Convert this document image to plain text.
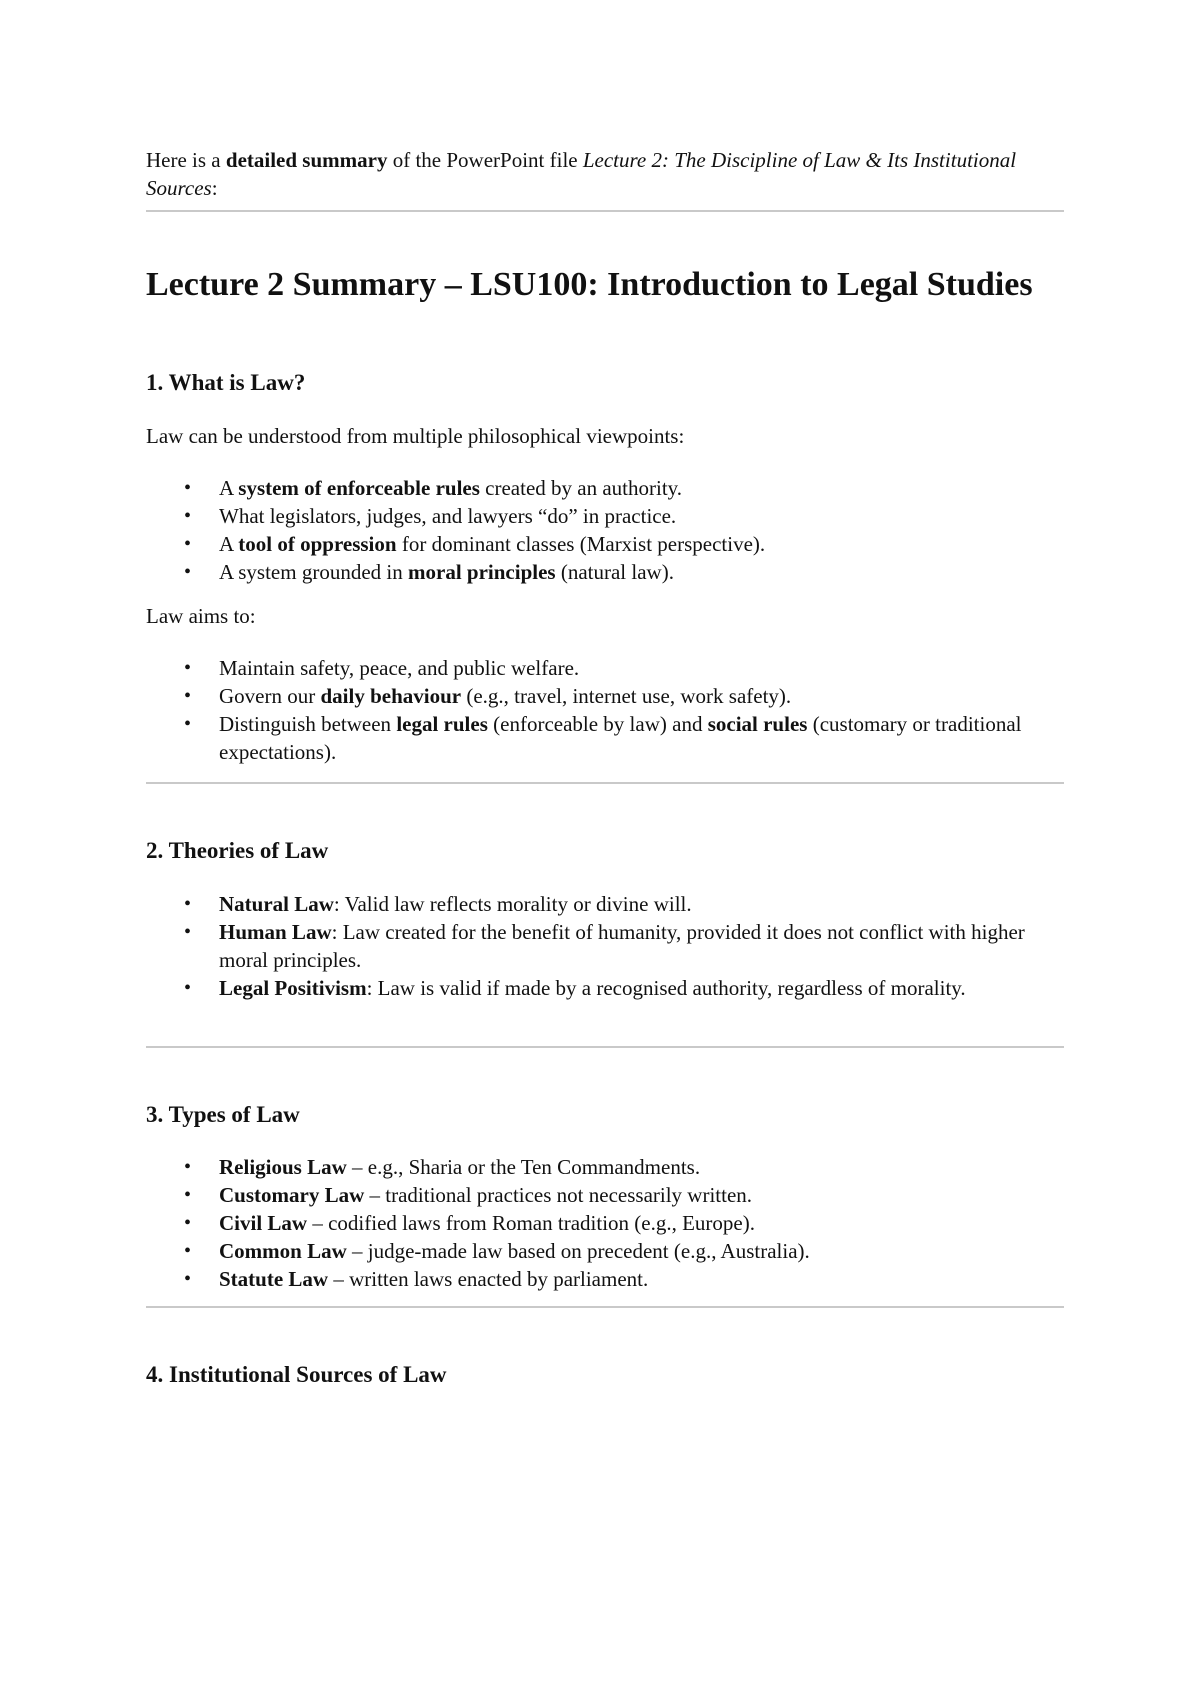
Here is a detailed summary of the PowerPoint file Lecture 2: The Discipline of Law & Its Institutional Sources:

Lecture 2 Summary – LSU100: Introduction to Legal Studies
1. What is Law?

Law can be understood from multiple philosophical viewpoints:

• A system of enforceable rules created by an authority.
• What legislators, judges, and lawyers “do” in practice.
• A tool of oppression for dominant classes (Marxist perspective).
• A system grounded in moral principles (natural law).

Law aims to:

• Maintain safety, peace, and public welfare.
• Govern our daily behaviour (e.g., travel, internet use, work safety).
• Distinguish between legal rules (enforceable by law) and social rules (customary or traditional expectations).
2. Theories of Law
• Natural Law: Valid law reflects morality or divine will.
• Human Law: Law created for the benefit of humanity, provided it does not conflict with higher moral principles.
• Legal Positivism: Law is valid if made by a recognised authority, regardless of morality.
3. Types of Law
• Religious Law – e.g., Sharia or the Ten Commandments.
• Customary Law – traditional practices not necessarily written.
• Civil Law – codified laws from Roman tradition (e.g., Europe).
• Common Law – judge-made law based on precedent (e.g., Australia).
• Statute Law – written laws enacted by parliament.
4. Institutional Sources of Law
